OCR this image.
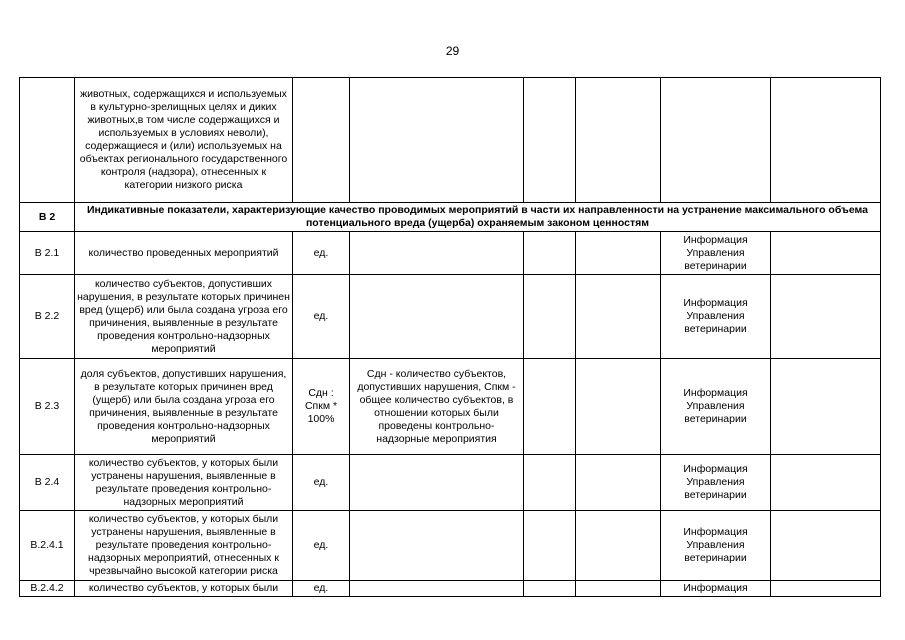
29
	животных, содержащихся и используемых в культурно-зрелищных целях и диких животных,в том числе содержащихся и используемых в условиях неволи), содержащиеся и (или) используемых на объектах регионального государственного контроля (надзора), отнесенных к категории низкого риска						
В 2	Индикативные показатели, характеризующие качество проводимых мероприятий в части их направленности на устранение максимального объема потенциального вреда (ущерба) охраняемым законом ценностям						
В 2.1	количество проведенных мероприятий	ед.				Информация Управления ветеринарии	
В 2.2	количество субъектов, допустивших нарушения, в результате которых причинен вред (ущерб) или была создана угроза его причинения, выявленные в результате проведения контрольно-надзорных мероприятий	ед.				Информация Управления ветеринарии	
В 2.3	доля субъектов, допустивших нарушения, в результате которых причинен вред (ущерб) или была создана угроза его причинения, выявленные в результате проведения контрольно-надзорных мероприятий	Сдн : Спкм * 100%	Сдн - количество субъектов, допустивших нарушения, Спкм - общее количество субъектов, в отношении которых были проведены контрольно-надзорные мероприятия			Информация Управления ветеринарии	
В 2.4	количество субъектов, у которых были устранены нарушения, выявленные в результате проведения контрольно-надзорных мероприятий	ед.				Информация Управления ветеринарии	
В.2.4.1	количество субъектов, у которых были устранены нарушения, выявленные в результате проведения контрольно-надзорных мероприятий, отнесенных к чрезвычайно высокой категории риска	ед.				Информация Управления ветеринарии	
В.2.4.2	количество субъектов, у которых были	ед.				Информация	
